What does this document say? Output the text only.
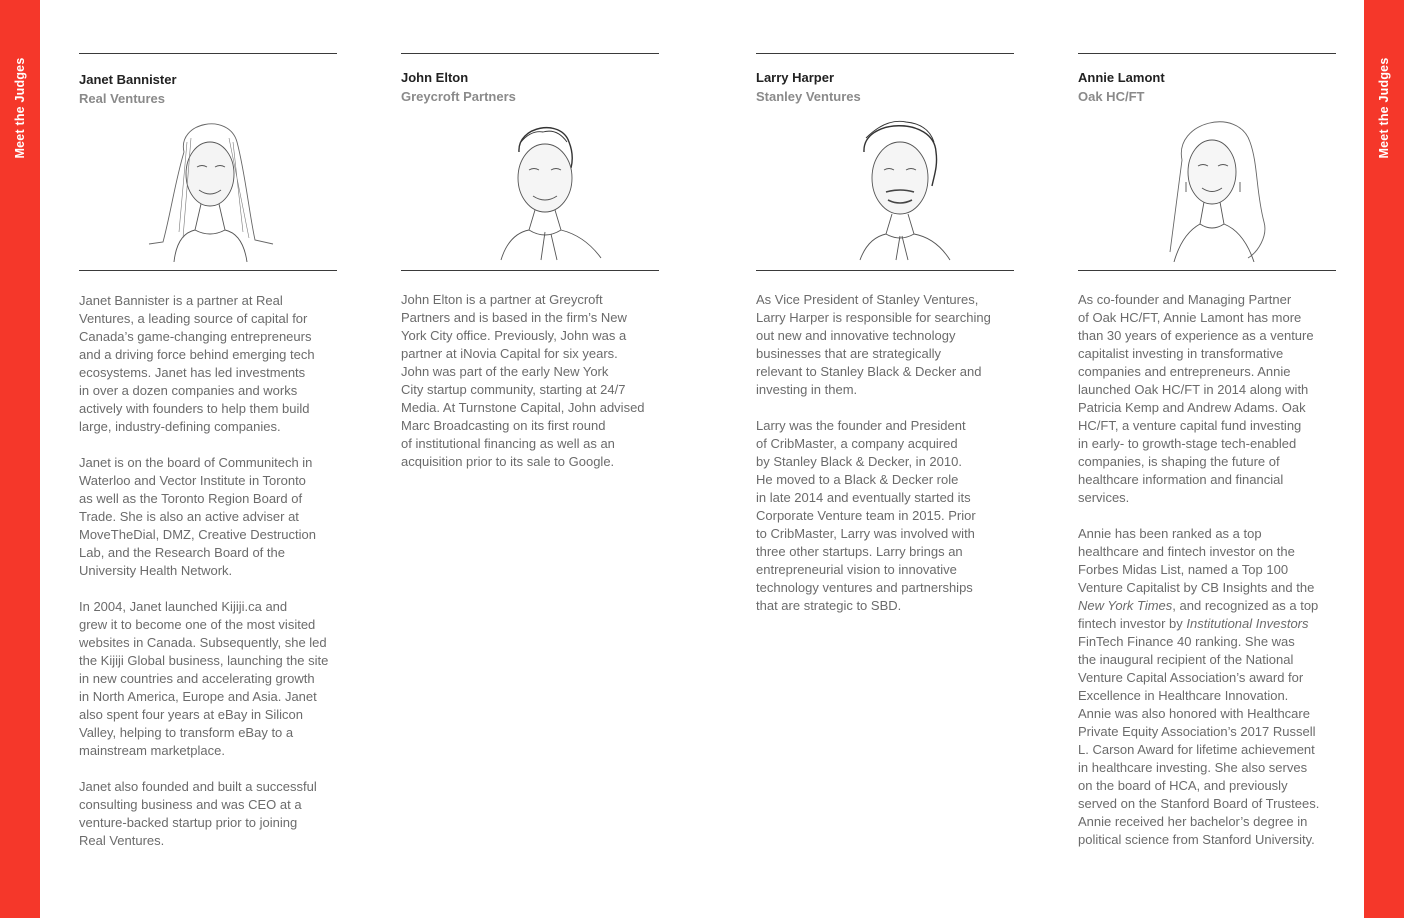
Meet the Judges	Meet the Judges
Janet Bannister
Real Ventures

Janet Bannister is a partner at Real
Ventures, a leading source of capital for
Canada’s game-changing entrepreneurs
and a driving force behind emerging tech
ecosystems. Janet has led investments
in over a dozen companies and works
actively with founders to help them build
large, industry-defining companies.

Janet is on the board of Communitech in
Waterloo and Vector Institute in Toronto
as well as the Toronto Region Board of
Trade. She is also an active adviser at
MoveTheDial, DMZ, Creative Destruction
Lab, and the Research Board of the
University Health Network.

In 2004, Janet launched Kijiji.ca and
grew it to become one of the most visited
websites in Canada. Subsequently, she led
the Kijiji Global business, launching the site
in new countries and accelerating growth
in North America, Europe and Asia. Janet
also spent four years at eBay in Silicon
Valley, helping to transform eBay to a
mainstream marketplace.

Janet also founded and built a successful
consulting business and was CEO at a
venture-backed startup prior to joining
Real Ventures.

John Elton
Greycroft Partners

John Elton is a partner at Greycroft
Partners and is based in the firm’s New
York City office. Previously, John was a
partner at iNovia Capital for six years.
John was part of the early New York
City startup community, starting at 24/7
Media. At Turnstone Capital, John advised
Marc Broadcasting on its first round
of institutional financing as well as an
acquisition prior to its sale to Google.

Larry Harper
Stanley Ventures

As Vice President of Stanley Ventures,
Larry Harper is responsible for searching
out new and innovative technology
businesses that are strategically
relevant to Stanley Black & Decker and
investing in them.

Larry was the founder and President
of CribMaster, a company acquired
by Stanley Black & Decker, in 2010.
He moved to a Black & Decker role
in late 2014 and eventually started its
Corporate Venture team in 2015. Prior
to CribMaster, Larry was involved with
three other startups. Larry brings an
entrepreneurial vision to innovative
technology ventures and partnerships
that are strategic to SBD.

Annie Lamont
Oak HC/FT

As co-founder and Managing Partner
of Oak HC/FT, Annie Lamont has more
than 30 years of experience as a venture
capitalist investing in transformative
companies and entrepreneurs. Annie
launched Oak HC/FT in 2014 along with
Patricia Kemp and Andrew Adams. Oak
HC/FT, a venture capital fund investing
in early- to growth-stage tech-enabled
companies, is shaping the future of
healthcare information and financial
services.

Annie has been ranked as a top
healthcare and fintech investor on the
Forbes Midas List, named a Top 100
Venture Capitalist by CB Insights and the
New York Times, and recognized as a top
fintech investor by Institutional Investors
FinTech Finance 40 ranking. She was
the inaugural recipient of the National
Venture Capital Association’s award for
Excellence in Healthcare Innovation.
Annie was also honored with Healthcare
Private Equity Association’s 2017 Russell
L. Carson Award for lifetime achievement
in healthcare investing. She also serves
on the board of HCA, and previously
served on the Stanford Board of Trustees.
Annie received her bachelor’s degree in
political science from Stanford University.
